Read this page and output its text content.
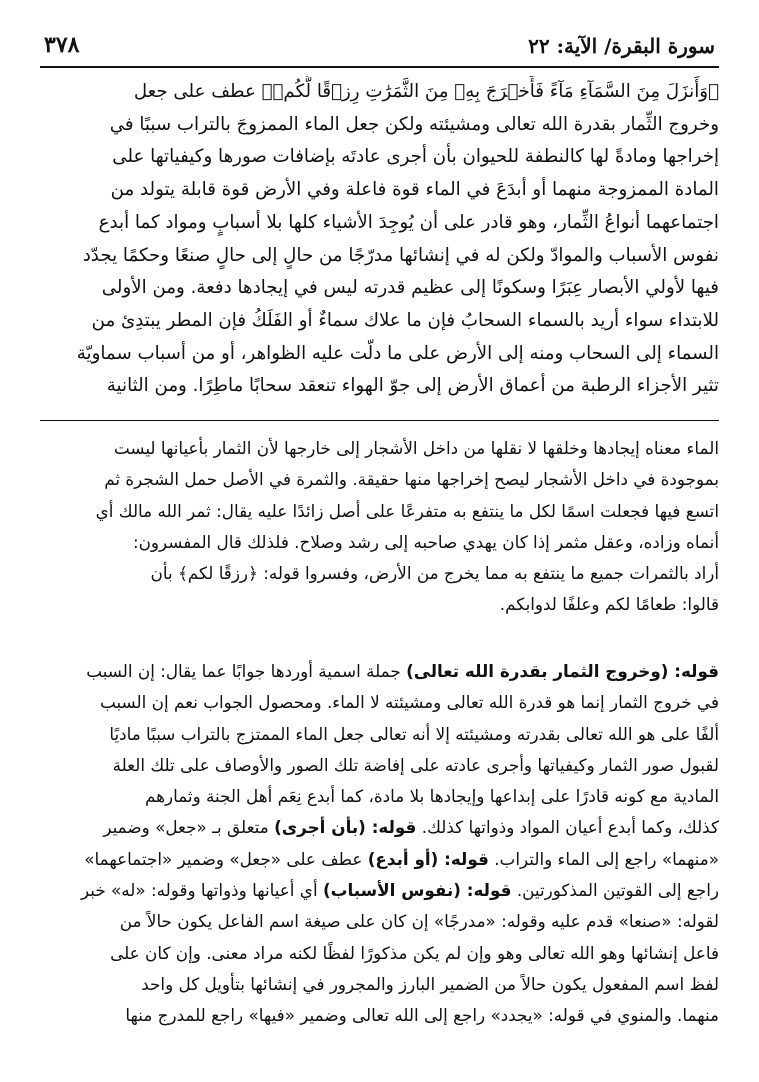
سورة البقرة/ الآية: ٢٢
٣٧٨
﴿وَأَنزَلَ مِنَ السَّمَآءِ مَآءً فَأَخۡرَجَ بِهِۦ مِنَ الثَّمَرَٰتِ رِزۡقًا لَّكُمۡ﴾ عطف على جعل
وخروج الثِّمار بقدرة الله تعالى ومشيئته ولكن جعل الماء الممزوجَ بالتراب سببًا في
إخراجها ومادةً لها كالنطفة للحيوان بأن أجرى عادتَه بإضافات صورها وكيفياتها على
المادة الممزوجة منهما أو أبدَعَ في الماء قوة فاعلة وفي الأرض قوة قابلة يتولد من
اجتماعهما أنواعُ الثِّمار، وهو قادر على أن يُوجِدَ الأشياء كلها بلا أسبابٍ ومواد كما أبدع
نفوس الأسباب والموادّ ولكن له في إنشائها مدرّجًا من حالٍ إلى حالٍ صنعًا وحكمًا يجدّد
فيها لأولي الأبصار عِبَرًا وسكونًا إلى عظيم قدرته ليس في إيجادها دفعة. ومن الأولى
للابتداء سواء أريد بالسماء السحابُ فإن ما علاك سماءٌ أو الفَلَكُ فإن المطر يبتدِئ من
السماء إلى السحاب ومنه إلى الأرض على ما دلّت عليه الظواهر، أو من أسباب سماويّة
تثير الأجزاء الرطبة من أعماق الأرض إلى جوّ الهواء تنعقد سحابًا ماطِرًا. ومن الثانية
الماء معناه إيجادها وخلقها لا نقلها من داخل الأشجار إلى خارجها لأن الثمار بأعيانها ليست
بموجودة في داخل الأشجار ليصح إخراجها منها حقيقة. والثمرة في الأصل حمل الشجرة ثم
اتسع فيها فجعلت اسمًا لكل ما ينتفع به متفرعًا على أصل زائدًا عليه يقال: ثمر الله مالك أي
أنماه وزاده، وعقل مثمر إذا كان يهدي صاحبه إلى رشد وصلاح. فلذلك قال المفسرون:
أراد بالثمرات جميع ما ينتفع به مما يخرج من الأرض، وفسروا قوله: ﴿رزقًا لكم﴾ بأن
قالوا: طعامًا لكم وعلفًا لدوابكم.
قوله: (وخروج الثمار بقدرة الله تعالى) جملة اسمية أوردها جوابًا عما يقال: إن السبب
في خروج الثمار إنما هو قدرة الله تعالى ومشيئته لا الماء. ومحصول الجواب نعم إن السبب
ألفًا على هو الله تعالى بقدرته ومشيئته إلا أنه تعالى جعل الماء الممتزج بالتراب سببًا ماديًا
لقبول صور الثمار وكيفياتها وأجرى عادته على إفاضة تلك الصور والأوصاف على تلك العلة
المادية مع كونه قادرًا على إبداعها وإيجادها بلا مادة، كما أبدع نِعَم أهل الجنة وثمارهم
كذلك، وكما أبدع أعيان المواد وذواتها كذلك. قوله: (بأن أجرى) متعلق بـ «جعل» وضمير
«منهما» راجع إلى الماء والتراب. قوله: (أو أبدع) عطف على «جعل» وضمير «اجتماعهما»
راجع إلى القوتين المذكورتين. قوله: (نفوس الأسباب) أي أعيانها وذواتها وقوله: «له» خبر
لقوله: «صنعا» قدم عليه وقوله: «مدرجًا» إن كان على صيغة اسم الفاعل يكون حالاً من
فاعل إنشائها وهو الله تعالى وهو وإن لم يكن مذكورًا لفظًا لكنه مراد معنى. وإن كان على
لفظ اسم المفعول يكون حالاً من الضمير البارز والمجرور في إنشائها بتأويل كل واحد
منهما. والمنوي في قوله: «يجدد» راجع إلى الله تعالى وضمير «فيها» راجع للمدرج منها
